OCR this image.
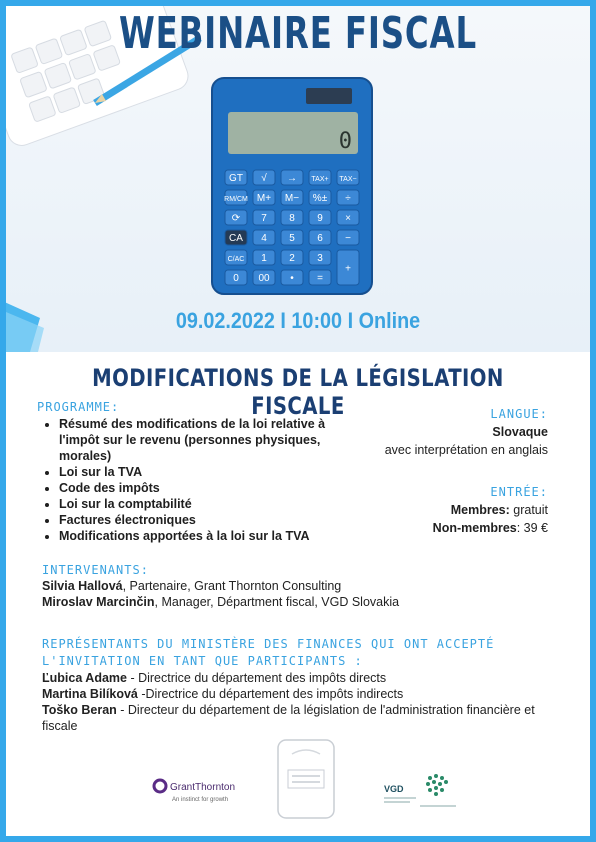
0
GT √ → TAX+ TAX−
RM/CM M+ M− %± ÷
⟳ 7 8 9 ×
CA 4 5 6 −
C/AC 1 2 3
+
0 00 • =
WEBINAIRE FISCAL
09.02.2022 I 10:00 I Online
MODIFICATIONS DE LA LÉGISLATION FISCALE
PROGRAMME:
• Résumé des modifications de la loi relative à l'impôt sur le revenu (personnes physiques, morales)
• Loi sur la TVA
• Code des impôts
• Loi sur la comptabilité
• Factures électroniques
• Modifications apportées à la loi sur la TVA
LANGUE:
Slovaque
avec interprétation en anglais
ENTRÉE:
Membres: gratuit
Non-membres: 39 €
INTERVENANTS:
Silvia Hallová, Partenaire, Grant Thornton Consulting
Miroslav Marcinčin, Manager, Départment fiscal, VGD Slovakia
REPRÉSENTANTS DU MINISTÈRE DES FINANCES QUI ONT ACCEPTÉ L'INVITATION EN TANT QUE PARTICIPANTS :
Ľubica Adame - Directrice du département des impôts directs
Martina Bilíková -Directrice du département des impôts indirects
Toško Beran - Directeur du département de la législation de l'administration financière et fiscale
GrantThornton
An instinct for growth
VGD
